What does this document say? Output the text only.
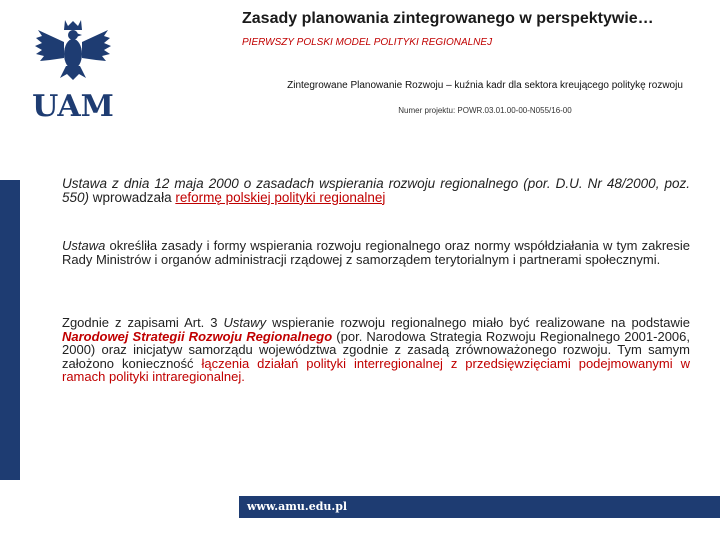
UAM
Zasady planowania zintegrowanego w perspektywie…
PIERWSZY POLSKI MODEL POLITYKI REGIONALNEJ
Zintegrowane Planowanie Rozwoju – kuźnia kadr dla sektora kreującego politykę rozwoju
Numer projektu: POWR.03.01.00-00-N055/16-00
Ustawa z dnia 12 maja 2000 o zasadach wspierania rozwoju regionalnego (por. D.U. Nr 48/2000, poz. 550) wprowadzała reformę polskiej polityki regionalnej
Ustawa określiła zasady i formy wspierania rozwoju regionalnego oraz normy współdziałania w tym zakresie Rady Ministrów i organów administracji rządowej z samorządem terytorialnym i partnerami społecznymi.
Zgodnie z zapisami Art. 3 Ustawy wspieranie rozwoju regionalnego miało być realizowane na podstawie Narodowej Strategii Rozwoju Regionalnego (por. Narodowa Strategia Rozwoju Regionalnego 2001-2006, 2000) oraz inicjatyw samorządu województwa zgodnie z zasadą zrównoważonego rozwoju. Tym samym założono konieczność łączenia działań polityki interregionalnej z przedsięwzięciami podejmowanymi w ramach polityki intraregionalnej.
www.amu.edu.pl
